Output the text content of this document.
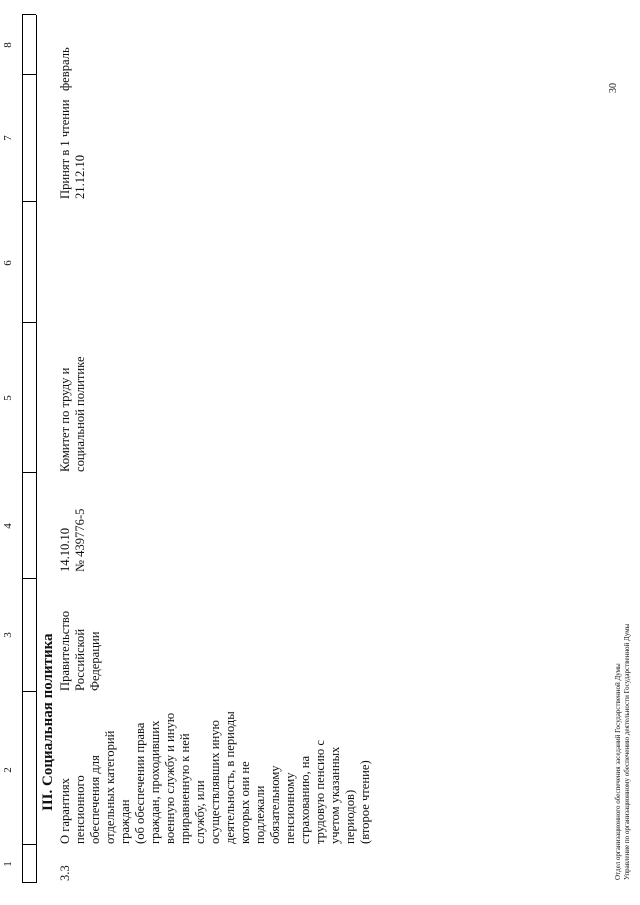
1
2
3
4
5
6
7
8
III. Социальная политика
3.3
О гарантиях пенсионного обеспечения для отдельных категорий граждан (об обеспечении права граждан, проходивших военную службу и иную приравненную к ней службу, или осуществлявших иную деятельность, в периоды которых они не подлежали обязательному пенсионному страхованию, на трудовую пенсию с учетом указанных периодов) (второе чтение)
Правительство Российской Федерации
14.10.10 № 439776-5
Комитет по труду и социальной политике
Принят в 1 чтении 21.12.10
февраль	30
Отдел организационного обеспечения заседаний Государственной Думы Управление по организационному обеспечению деятельности Государственной Думы
